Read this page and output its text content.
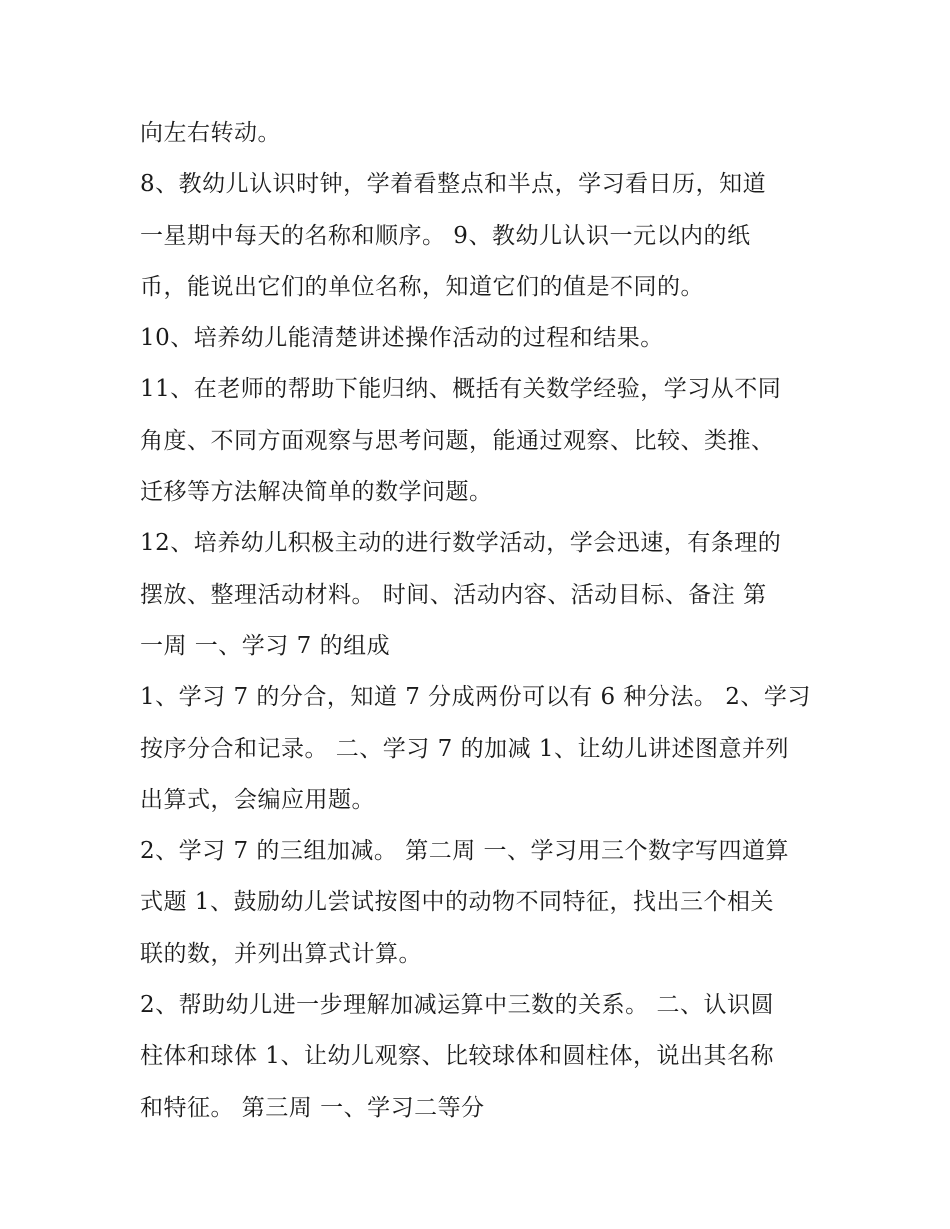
向左右转动。
8、教幼儿认识时钟，学着看整点和半点，学习看日历，知道
一星期中每天的名称和顺序。 9、教幼儿认识一元以内的纸
币，能说出它们的单位名称，知道它们的值是不同的。
10、培养幼儿能清楚讲述操作活动的过程和结果。
11、在老师的帮助下能归纳、概括有关数学经验，学习从不同
角度、不同方面观察与思考问题，能通过观察、比较、类推、
迁移等方法解决简单的数学问题。
12、培养幼儿积极主动的进行数学活动，学会迅速，有条理的
摆放、整理活动材料。 时间、活动内容、活动目标、备注 第
一周 一、学习 7 的组成
1、学习 7 的分合，知道 7 分成两份可以有 6 种分法。 2、学习
按序分合和记录。 二、学习 7 的加减 1、让幼儿讲述图意并列
出算式，会编应用题。
2、学习 7 的三组加减。 第二周 一、学习用三个数字写四道算
式题 1、鼓励幼儿尝试按图中的动物不同特征，找出三个相关
联的数，并列出算式计算。
2、帮助幼儿进一步理解加减运算中三数的关系。 二、认识圆
柱体和球体 1、让幼儿观察、比较球体和圆柱体，说出其名称
和特征。 第三周 一、学习二等分
